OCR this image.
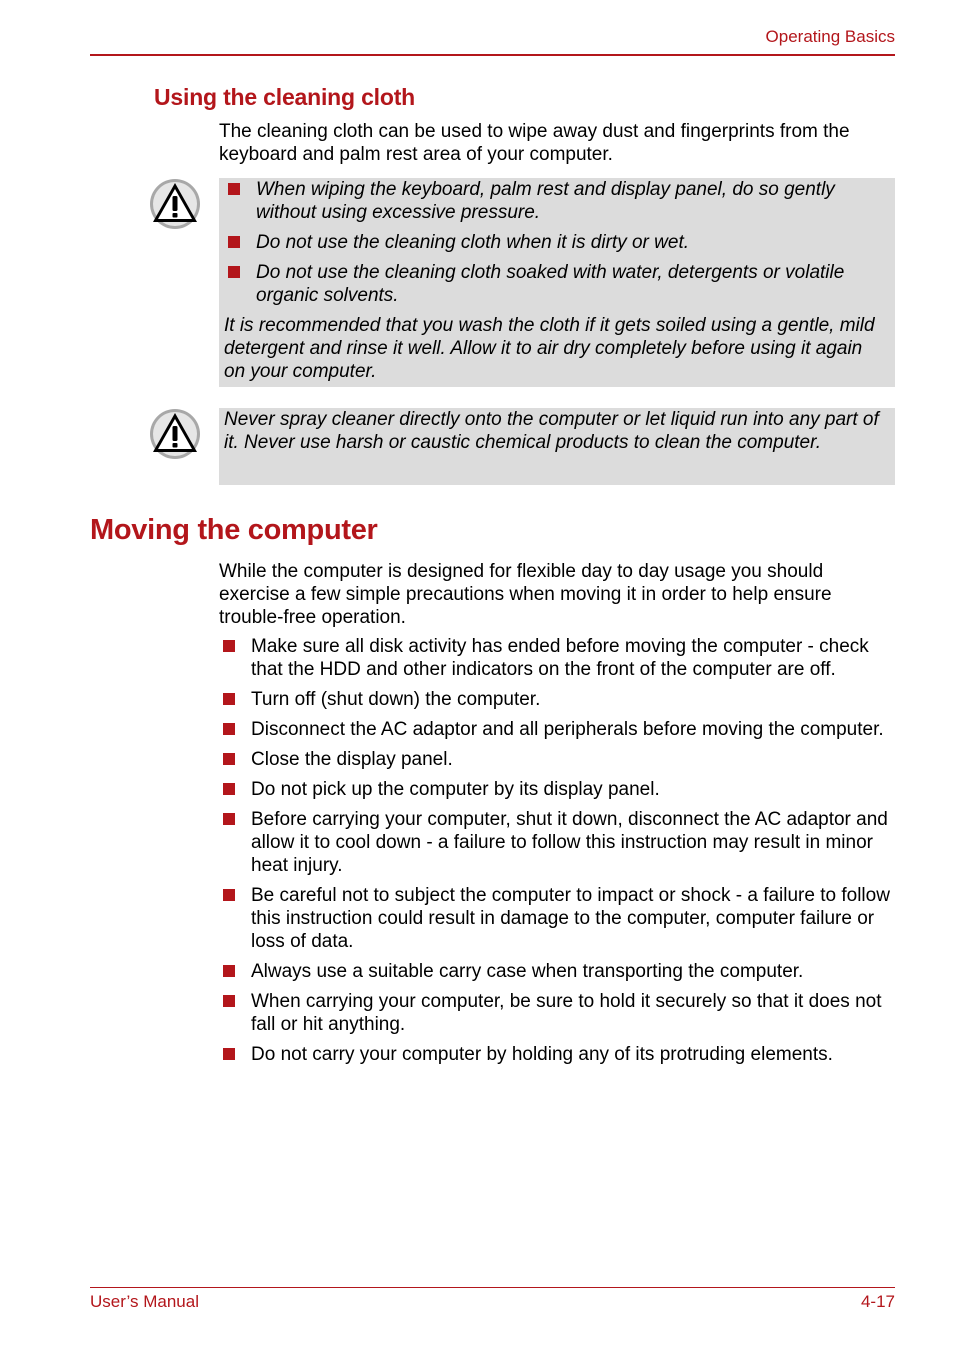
Operating Basics
Using the cleaning cloth
The cleaning cloth can be used to wipe away dust and fingerprints from the keyboard and palm rest area of your computer.
When wiping the keyboard, palm rest and display panel, do so gently without using excessive pressure.
Do not use the cleaning cloth when it is dirty or wet.
Do not use the cleaning cloth soaked with water, detergents or volatile organic solvents.
It is recommended that you wash the cloth if it gets soiled using a gentle, mild detergent and rinse it well. Allow it to air dry completely before using it again on your computer.
Never spray cleaner directly onto the computer or let liquid run into any part of it. Never use harsh or caustic chemical products to clean the computer.
Moving the computer
While the computer is designed for flexible day to day usage you should exercise a few simple precautions when moving it in order to help ensure trouble-free operation.
Make sure all disk activity has ended before moving the computer - check that the HDD and other indicators on the front of the computer are off.
Turn off (shut down) the computer.
Disconnect the AC adaptor and all peripherals before moving the computer.
Close the display panel.
Do not pick up the computer by its display panel.
Before carrying your computer, shut it down, disconnect the AC adaptor and allow it to cool down - a failure to follow this instruction may result in minor heat injury.
Be careful not to subject the computer to impact or shock - a failure to follow this instruction could result in damage to the computer, computer failure or loss of data.
Always use a suitable carry case when transporting the computer.
When carrying your computer, be sure to hold it securely so that it does not fall or hit anything.
Do not carry your computer by holding any of its protruding elements.
User’s Manual	4-17
